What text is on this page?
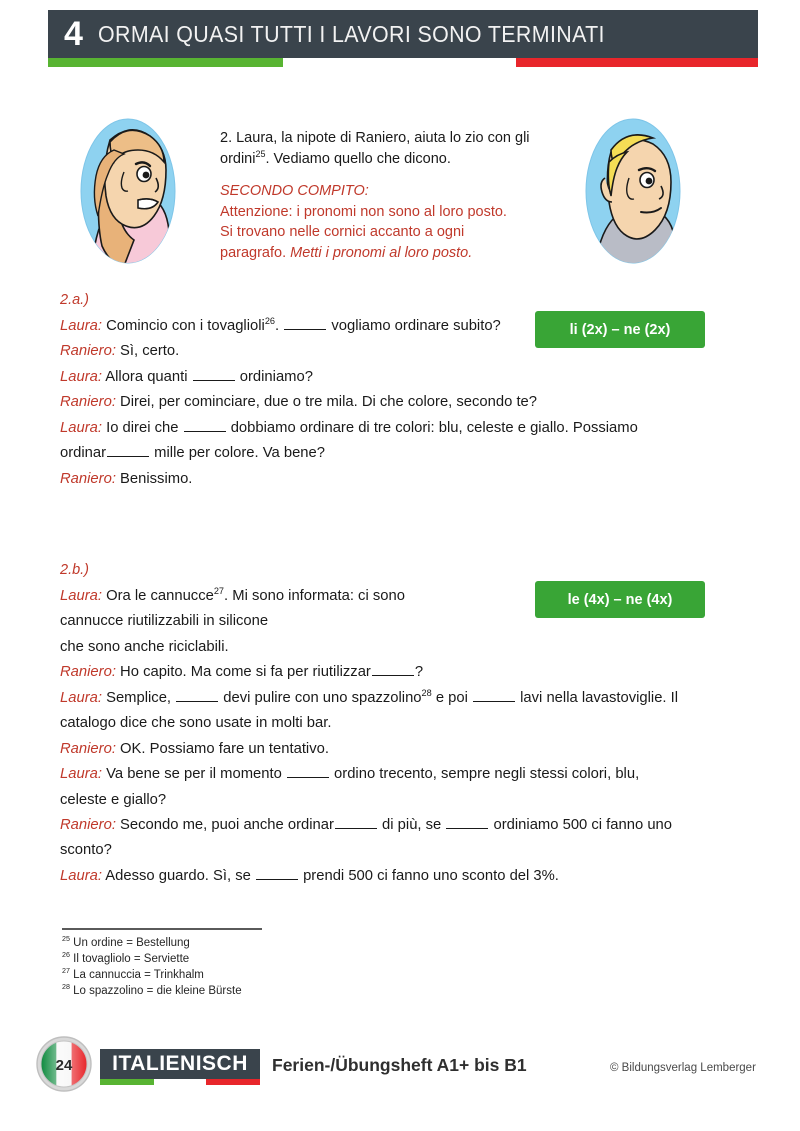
4 ORMAI QUASI TUTTI I LAVORI SONO TERMINATI

2. Laura, la nipote di Raniero, aiuta lo zio con gli ordini$^{25}$. Vediamo quello che dicono.

SECONDO COMPITO:

Attenzione: i pronomi non sono al loro posto.
Si trovano nelle cornici accanto a ogni
paragrafo. Metti i pronomi al loro posto.

2.a.)

Laura: Comincio con i tovaglioli$^{26}$.	vogliamo ordinare subito?

Raniero: Sì, certo.

Laura: Allora quanti	ordiniamo?

Raniero: Direi, per cominciare, due o tre mila. Di che colore, secondo te?

Laura: Io direi che	dobbiamo ordinare di tre colori: blu, celeste e giallo. Possiamo ordinar	mille per colore. Va bene?

Raniero: Benissimo.

li (2x) – ne (2x)

2.b.)

Laura: Ora le cannucce$^{27}$. Mi sono informata: ci sono

cannucce riutilizzabili in silicone

che sono anche riciclabili.

Raniero: Ho capito. Ma come si fa per riutilizzar	?

Laura: Semplice,	devi pulire con uno spazzolino$^{28}$ e poi	lavi nella lavastoviglie. Il catalogo dice che sono usate in molti bar.

Raniero: OK. Possiamo fare un tentativo.

Laura: Va bene se per il momento	ordino trecento, sempre negli stessi colori, blu, celeste e giallo?

Raniero: Secondo me, puoi anche ordinar	di più, se	ordiniamo 500 ci fanno uno sconto?

Laura: Adesso guardo. Sì, se	prendi 500 ci fanno uno sconto del 3%.

le (4x) – ne (4x)

$^{25}$ Un ordine = Bestellung

$^{26}$ Il tovagliolo = Serviette

$^{27}$ La cannuccia = Trinkhalm

$^{28}$ Lo spazzolino = die kleine Bürste

24 ITALIENISCH Ferien-/Übungsheft A1+ bis B1	© Bildungsverlag Lemberger
